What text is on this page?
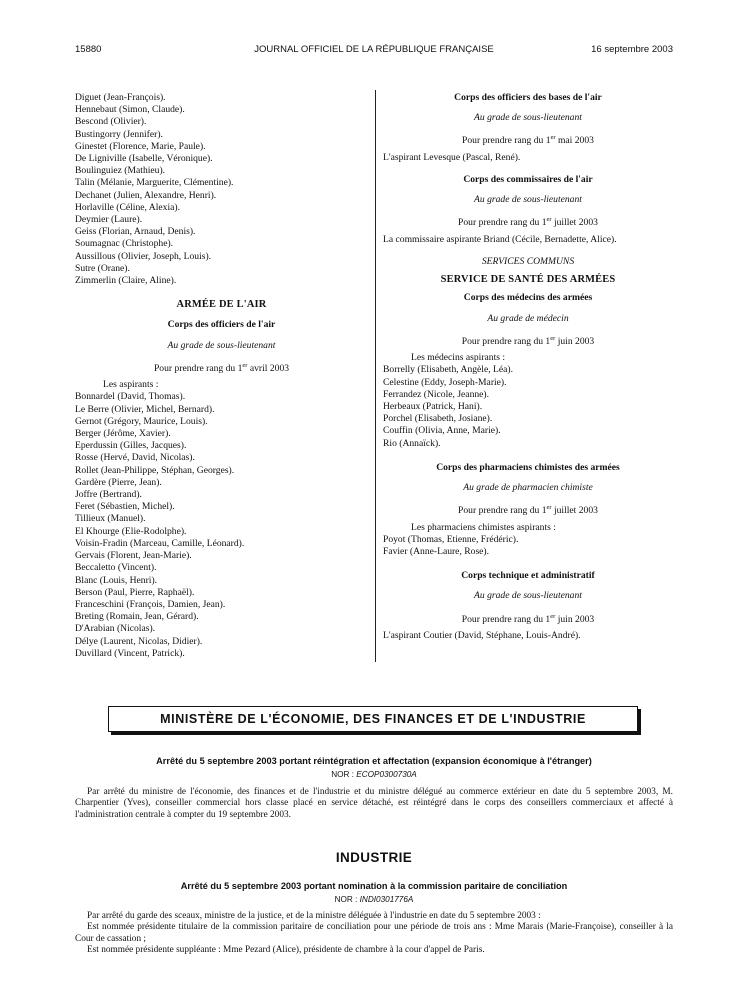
15880	JOURNAL OFFICIEL DE LA RÉPUBLIQUE FRANÇAISE	16 septembre 2003
Diguet (Jean-François).
Hennebaut (Simon, Claude).
Bescond (Olivier).
Bustingorry (Jennifer).
Ginestet (Florence, Marie, Paule).
De Ligniville (Isabelle, Véronique).
Boulinguiez (Mathieu).
Talin (Mélanie, Marguerite, Clémentine).
Dechanet (Julien, Alexandre, Henri).
Horlaville (Céline, Alexia).
Deymier (Laure).
Geiss (Florian, Arnaud, Denis).
Soumagnac (Christophe).
Aussillous (Olivier, Joseph, Louis).
Sutre (Orane).
Zimmerlin (Claire, Aline).
ARMÉE DE L'AIR
Corps des officiers de l'air
Au grade de sous-lieutenant
Pour prendre rang du 1er avril 2003
Les aspirants :
Bonnardel (David, Thomas).
Le Berre (Olivier, Michel, Bernard).
Gernot (Grégory, Maurice, Louis).
Berger (Jérôme, Xavier).
Eperdussin (Gilles, Jacques).
Rosse (Hervé, David, Nicolas).
Rollet (Jean-Philippe, Stéphan, Georges).
Gardère (Pierre, Jean).
Joffre (Bertrand).
Feret (Sébastien, Michel).
Tillieux (Manuel).
El Khourge (Elie-Rodolphe).
Voisin-Fradin (Marceau, Camille, Léonard).
Gervais (Florent, Jean-Marie).
Beccaletto (Vincent).
Blanc (Louis, Henri).
Berson (Paul, Pierre, Raphaël).
Franceschini (François, Damien, Jean).
Breting (Romain, Jean, Gérard).
D'Arabian (Nicolas).
Délye (Laurent, Nicolas, Didier).
Duvillard (Vincent, Patrick).
Corps des officiers des bases de l'air
Au grade de sous-lieutenant
Pour prendre rang du 1er mai 2003
L'aspirant Levesque (Pascal, René).
Corps des commissaires de l'air
Au grade de sous-lieutenant
Pour prendre rang du 1er juillet 2003
La commissaire aspirante Briand (Cécile, Bernadette, Alice).
SERVICES COMMUNS
SERVICE DE SANTÉ DES ARMÉES
Corps des médecins des armées
Au grade de médecin
Pour prendre rang du 1er juin 2003
Les médecins aspirants :
Borrelly (Elisabeth, Angèle, Léa).
Celestine (Eddy, Joseph-Marie).
Ferrandez (Nicole, Jeanne).
Herbeaux (Patrick, Hani).
Porchel (Elisabeth, Josiane).
Couffin (Olivia, Anne, Marie).
Rio (Annaïck).
Corps des pharmaciens chimistes des armées
Au grade de pharmacien chimiste
Pour prendre rang du 1er juillet 2003
Les pharmaciens chimistes aspirants :
Poyot (Thomas, Etienne, Frédéric).
Favier (Anne-Laure, Rose).
Corps technique et administratif
Au grade de sous-lieutenant
Pour prendre rang du 1er juin 2003
L'aspirant Coutier (David, Stéphane, Louis-André).
MINISTÈRE DE L'ÉCONOMIE, DES FINANCES ET DE L'INDUSTRIE
Arrêté du 5 septembre 2003 portant réintégration et affectation (expansion économique à l'étranger)
NOR : ECOP0300730A

Par arrêté du ministre de l'économie, des finances et de l'industrie et du ministre délégué au commerce extérieur en date du 5 septembre 2003, M. Charpentier (Yves), conseiller commercial hors classe placé en service détaché, est réintégré dans le corps des conseillers commerciaux et affecté à l'administration centrale à compter du 19 septembre 2003.

INDUSTRIE
Arrêté du 5 septembre 2003 portant nomination à la commission paritaire de conciliation
NOR : INDI0301776A

Par arrêté du garde des sceaux, ministre de la justice, et de la ministre déléguée à l'industrie en date du 5 septembre 2003 :

Est nommée présidente titulaire de la commission paritaire de conciliation pour une période de trois ans : Mme Marais (Marie-Françoise), conseiller à la Cour de cassation ;

Est nommée présidente suppléante : Mme Pezard (Alice), présidente de chambre à la cour d'appel de Paris.
